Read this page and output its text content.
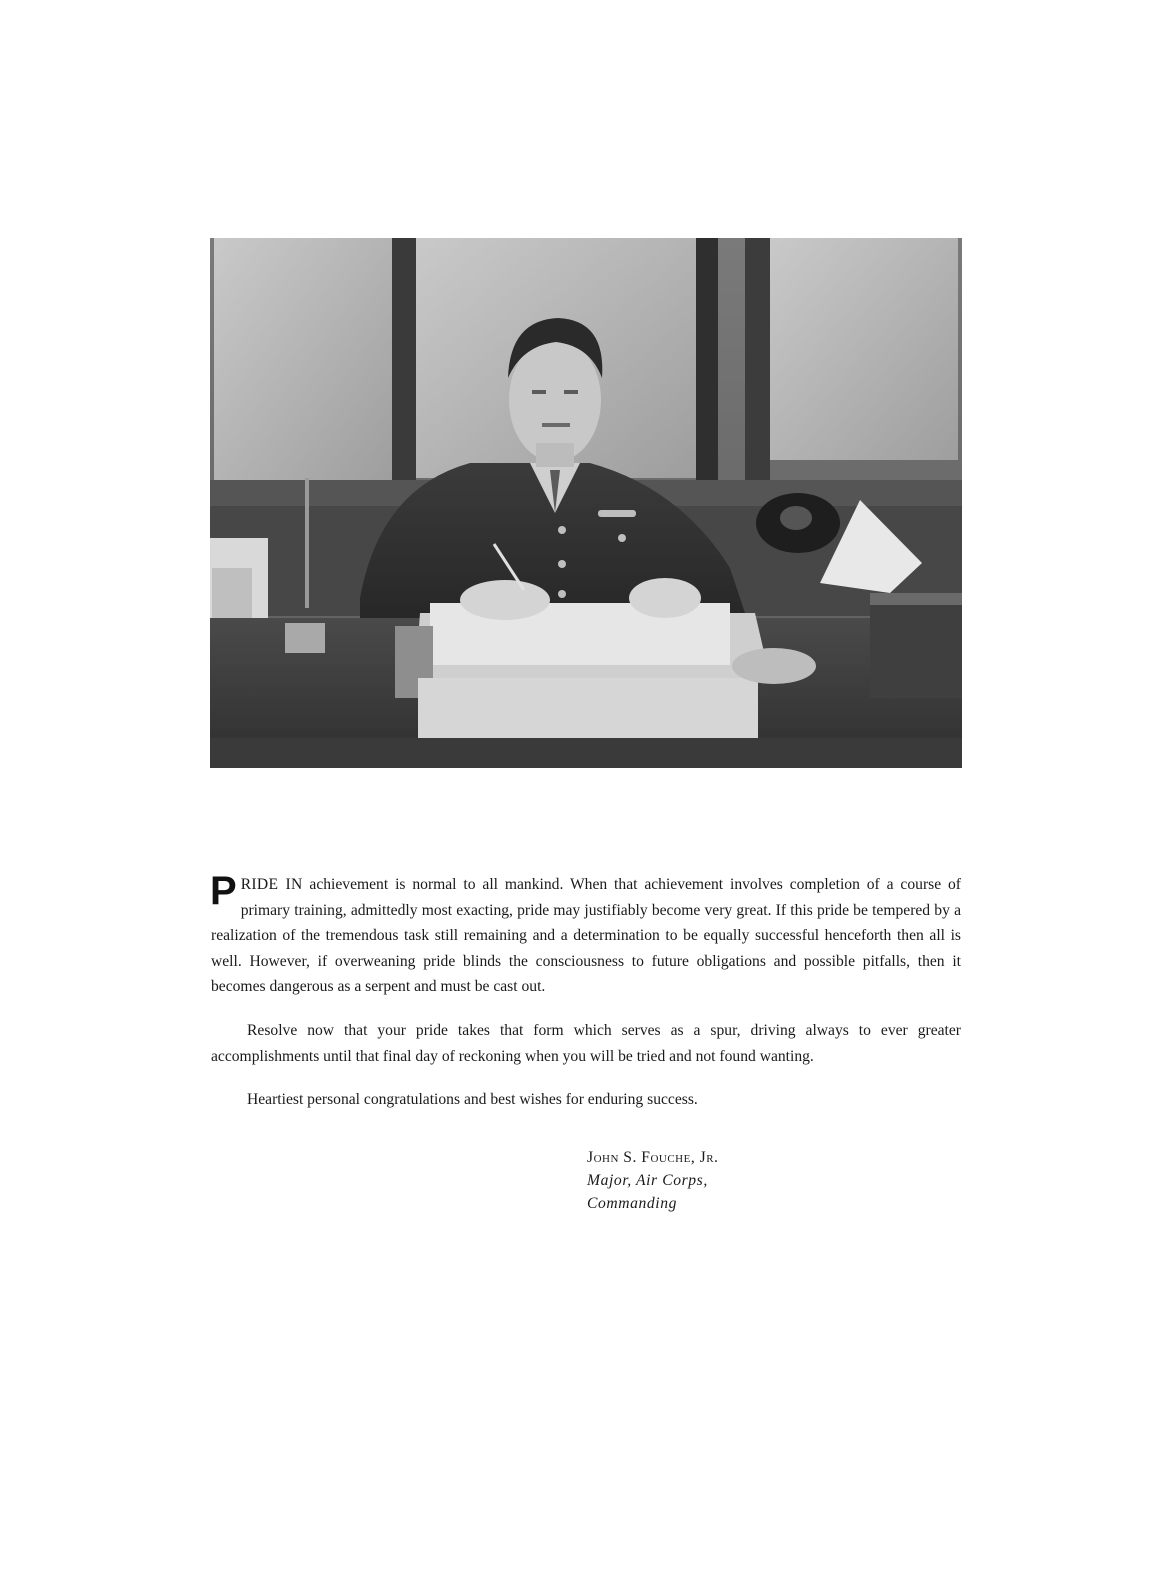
PRIDE IN achievement is normal to all mankind. When that achievement involves completion of a course of primary training, admittedly most exacting, pride may justifiably become very great. If this pride be tempered by a realization of the tremendous task still remaining and a determination to be equally successful henceforth then all is well. However, if overweaning pride blinds the consciousness to future obligations and possible pitfalls, then it becomes dangerous as a serpent and must be cast out.

Resolve now that your pride takes that form which serves as a spur, driving always to ever greater accomplishments until that final day of reckoning when you will be tried and not found wanting.

Heartiest personal congratulations and best wishes for enduring success.

John S. Fouche, Jr.
Major, Air Corps,
Commanding
